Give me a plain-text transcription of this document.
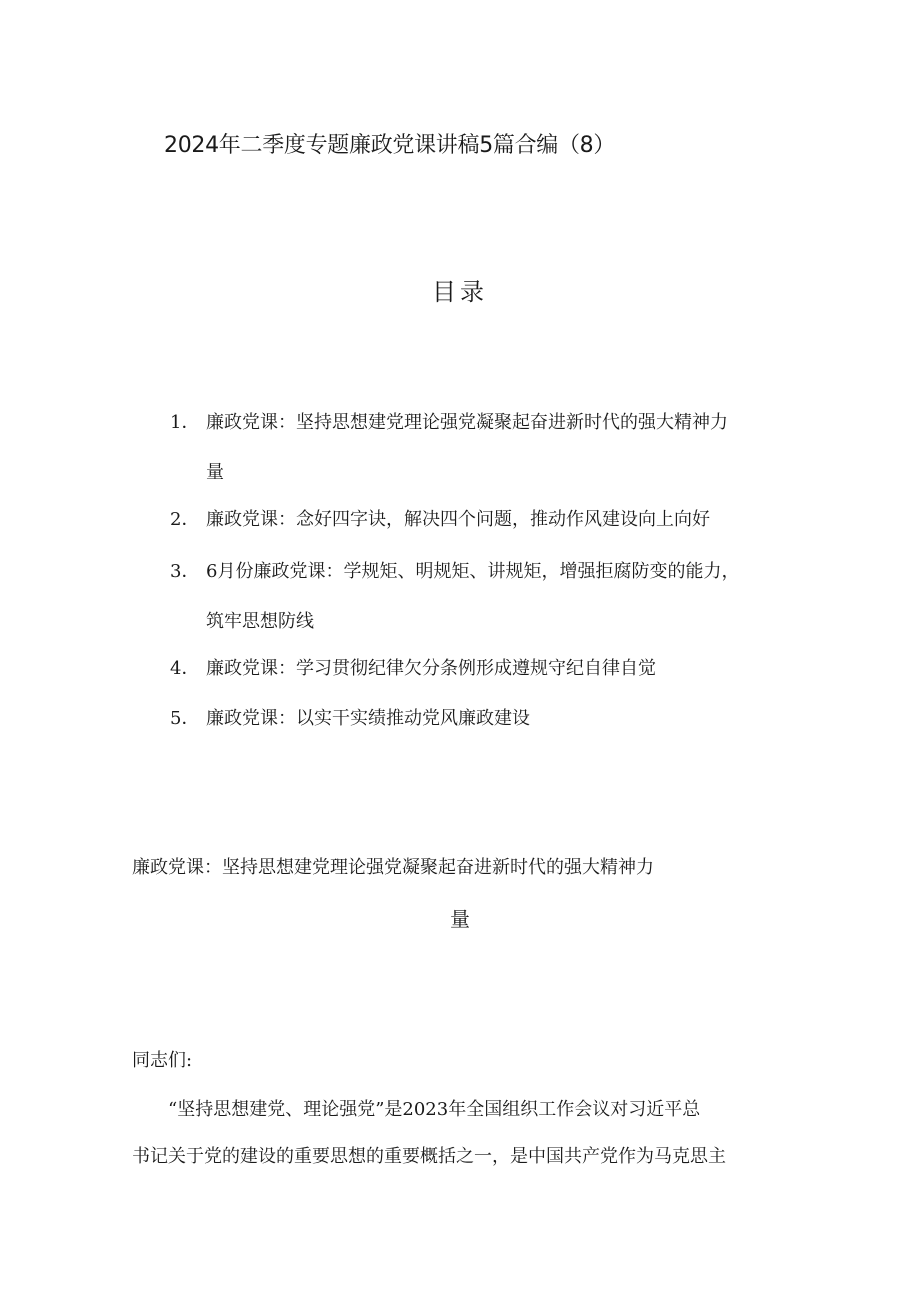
2024年二季度专题廉政党课讲稿5篇合编（8）
目录
1． 廉政党课：坚持思想建党理论强党凝聚起奋进新时代的强大精神力
量
2． 廉政党课：念好四字诀，解决四个问题，推动作风建设向上向好
3． 6月份廉政党课：学规矩、明规矩、讲规矩，增强拒腐防变的能力，
筑牢思想防线
4． 廉政党课：学习贯彻纪律欠分条例形成遵规守纪自律自觉
5． 廉政党课：以实干实绩推动党风廉政建设
廉政党课：坚持思想建党理论强党凝聚起奋进新时代的强大精神力
量
同志们:
“坚持思想建党、理论强党”是2023年全国组织工作会议对习近平总
书记关于党的建设的重要思想的重要概括之一，是中国共产党作为马克思主
